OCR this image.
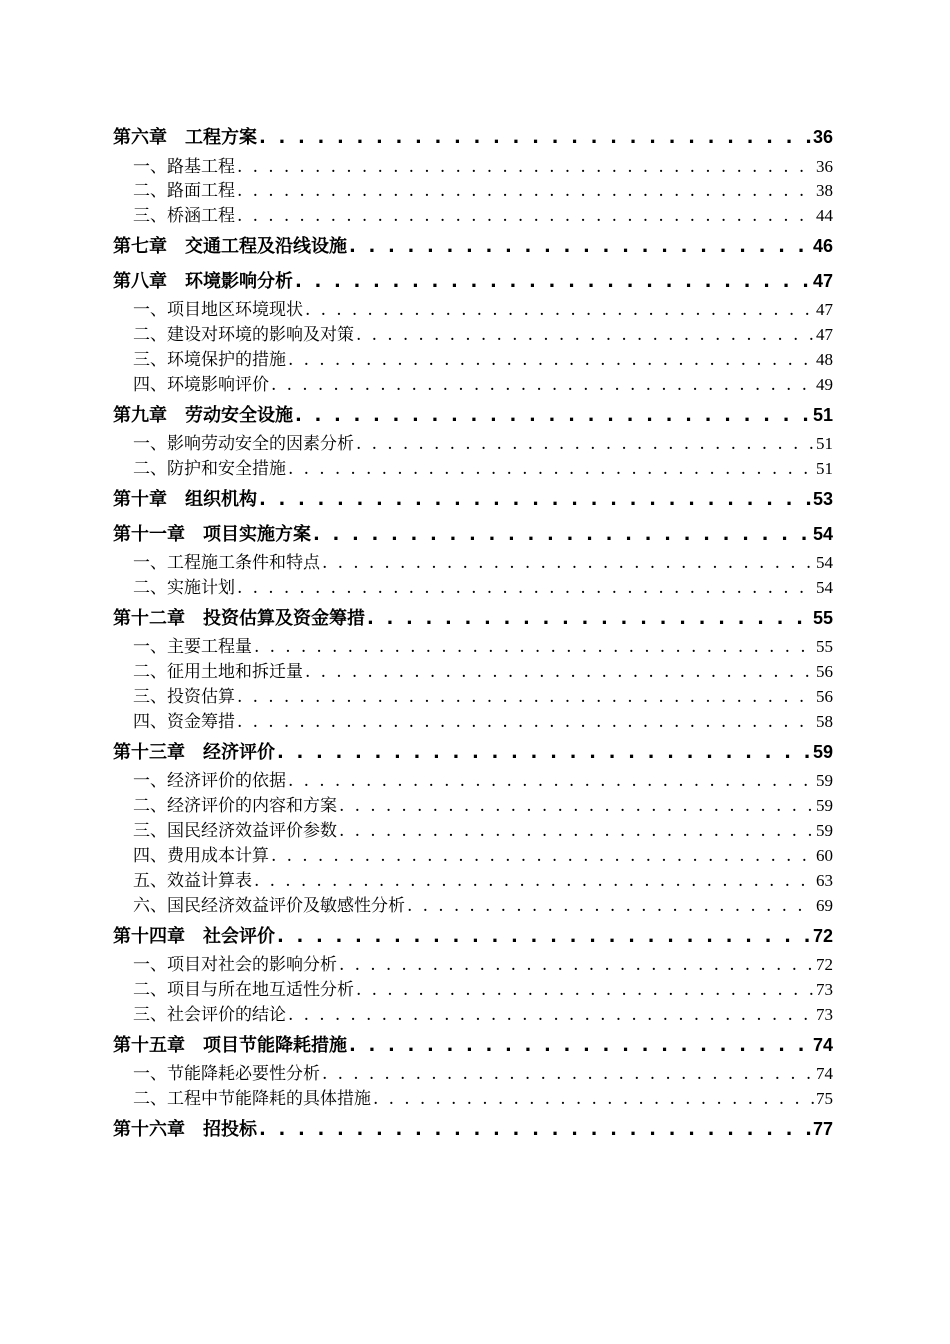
第六章　工程方案 . . .	36
一、路基工程 . . .	36
二、路面工程 . . .	38
三、桥涵工程 . . .	44
第七章　交通工程及沿线设施 . . .	46
第八章　环境影响分析 . . .	47
一、项目地区环境现状 . . .	47
二、建设对环境的影响及对策 . . .	47
三、环境保护的措施 . . .	48
四、环境影响评价 . . .	49
第九章　劳动安全设施 . . .	51
一、影响劳动安全的因素分析 . . .	51
二、防护和安全措施 . . .	51
第十章　组织机构 . . .	53
第十一章　项目实施方案 . . .	54
一、工程施工条件和特点 . . .	54
二、实施计划 . . .	54
第十二章　投资估算及资金筹措 . . .	55
一、主要工程量 . . .	55
二、征用土地和拆迁量 . . .	56
三、投资估算 . . .	56
四、资金筹措 . . .	58
第十三章　经济评价 . . .	59
一、经济评价的依据 . . .	59
二、经济评价的内容和方案 . . .	59
三、国民经济效益评价参数 . . .	59
四、费用成本计算 . . .	60
五、效益计算表 . . .	63
六、国民经济效益评价及敏感性分析 . . .	69
第十四章　社会评价 . . .	72
一、项目对社会的影响分析 . . .	72
二、项目与所在地互适性分析 . . .	73
三、社会评价的结论 . . .	73
第十五章　项目节能降耗措施 . . .	74
一、节能降耗必要性分析 . . .	74
二、工程中节能降耗的具体措施 . . .	75
第十六章　招投标 . . .	77
